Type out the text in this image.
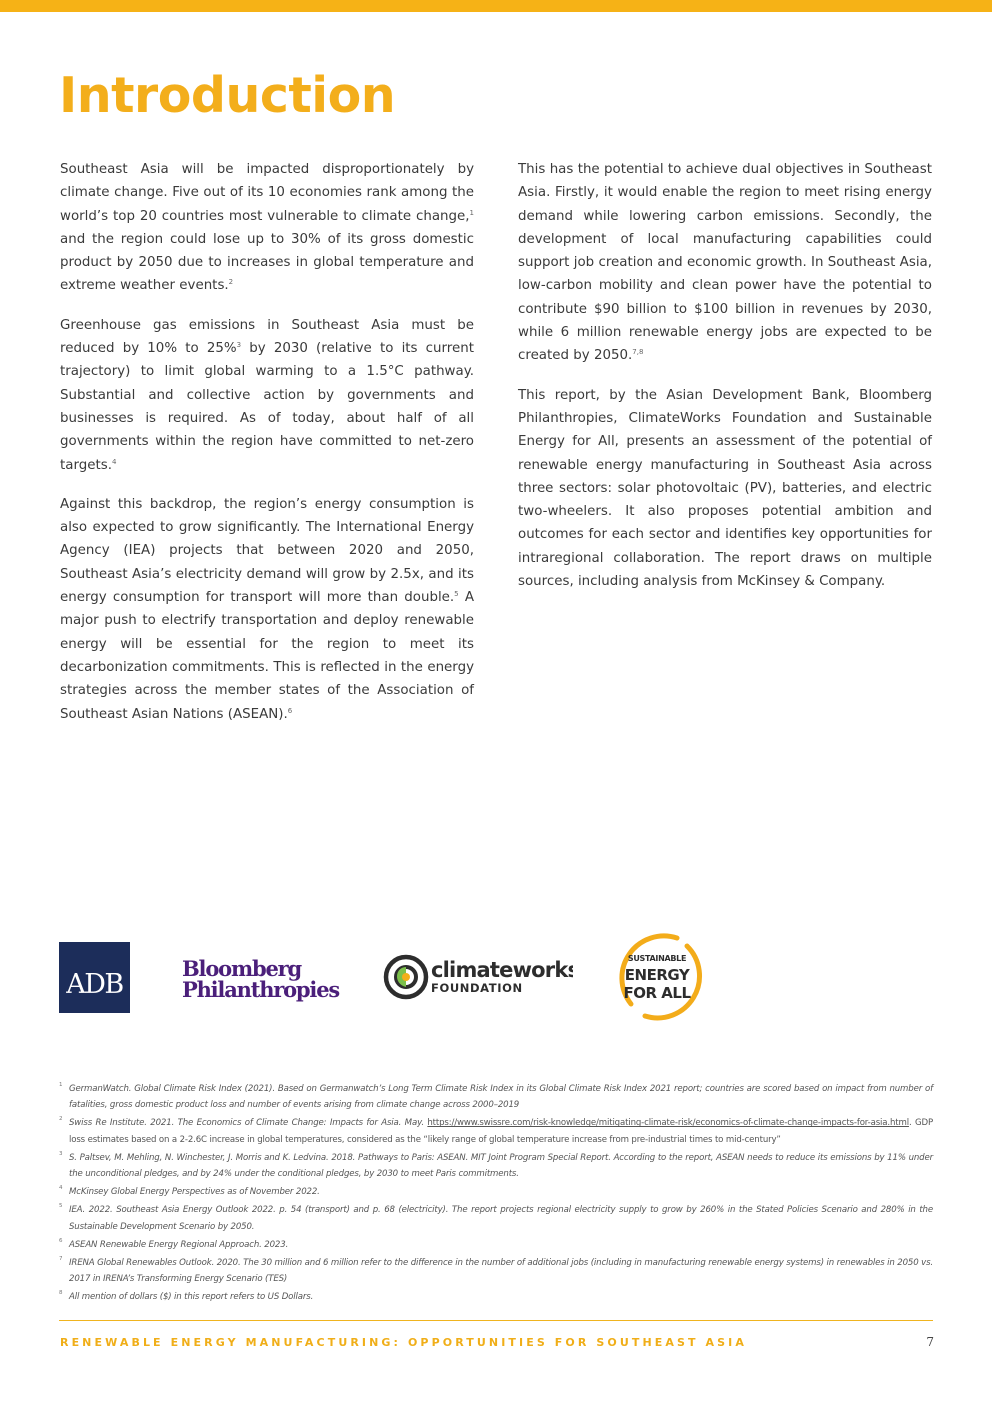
Introduction

Southeast Asia will be impacted disproportionately by climate change. Five out of its 10 economies rank among the world’s top 20 countries most vulnerable to climate change,$^1$ and the region could lose up to 30% of its gross domestic product by 2050 due to increases in global temperature and extreme weather events.$^2$

Greenhouse gas emissions in Southeast Asia must be reduced by 10% to 25%$^3$ by 2030 (relative to its current trajectory) to limit global warming to a 1.5°C pathway. Substantial and collective action by governments and businesses is required. As of today, about half of all governments within the region have committed to net-zero targets.$^4$

Against this backdrop, the region’s energy consumption is also expected to grow significantly. The International Energy Agency (IEA) projects that between 2020 and 2050, Southeast Asia’s electricity demand will grow by 2.5x, and its energy consumption for transport will more than double.$^5$ A major push to electrify transportation and deploy renewable energy will be essential for the region to meet its decarbonization commitments. This is reflected in the energy strategies across the member states of the Association of Southeast Asian Nations (ASEAN).$^6$

This has the potential to achieve dual objectives in Southeast Asia. Firstly, it would enable the region to meet rising energy demand while lowering carbon emissions. Secondly, the development of local manufacturing capabilities could support job creation and economic growth. In Southeast Asia, low-carbon mobility and clean power have the potential to contribute $90 billion to $100 billion in revenues by 2030, while 6 million renewable energy jobs are expected to be created by 2050.$^{7,8}$

This report, by the Asian Development Bank, Bloomberg Philanthropies, ClimateWorks Foundation and Sustainable Energy for All, presents an assessment of the potential of renewable energy manufacturing in Southeast Asia across three sectors: solar photovoltaic (PV), batteries, and electric two-wheelers. It also proposes potential ambition and outcomes for each sector and identifies key opportunities for intraregional collaboration. The report draws on multiple sources, including analysis from McKinsey & Company.

ADB
Bloomberg
Philanthropies
climateworks
FOUNDATION
SUSTAINABLE
ENERGY
FOR ALL
1 GermanWatch. Global Climate Risk Index (2021). Based on Germanwatch’s Long Term Climate Risk Index in its Global Climate Risk Index 2021 report; countries are scored based on impact from number of fatalities, gross domestic product loss and number of events arising from climate change across 2000–2019
2 Swiss Re Institute. 2021. The Economics of Climate Change: Impacts for Asia. May. https://www.swissre.com/risk-knowledge/mitigating-climate-risk/economics-of-climate-change-impacts-for-asia.html. GDP loss estimates based on a 2-2.6C increase in global temperatures, considered as the “likely range of global temperature increase from pre-industrial times to mid-century”
3 S. Paltsev, M. Mehling, N. Winchester, J. Morris and K. Ledvina. 2018. Pathways to Paris: ASEAN. MIT Joint Program Special Report. According to the report, ASEAN needs to reduce its emissions by 11% under the unconditional pledges, and by 24% under the conditional pledges, by 2030 to meet Paris commitments.
4 McKinsey Global Energy Perspectives as of November 2022.
5 IEA. 2022. Southeast Asia Energy Outlook 2022. p. 54 (transport) and p. 68 (electricity). The report projects regional electricity supply to grow by 260% in the Stated Policies Scenario and 280% in the Sustainable Development Scenario by 2050.
6 ASEAN Renewable Energy Regional Approach. 2023.
7 IRENA Global Renewables Outlook. 2020. The 30 million and 6 million refer to the difference in the number of additional jobs (including in manufacturing renewable energy systems) in renewables in 2050 vs. 2017 in IRENA’s Transforming Energy Scenario (TES)
8 All mention of dollars ($) in this report refers to US Dollars.
RENEWABLE ENERGY MANUFACTURING: OPPORTUNITIES FOR SOUTHEAST ASIA	7
